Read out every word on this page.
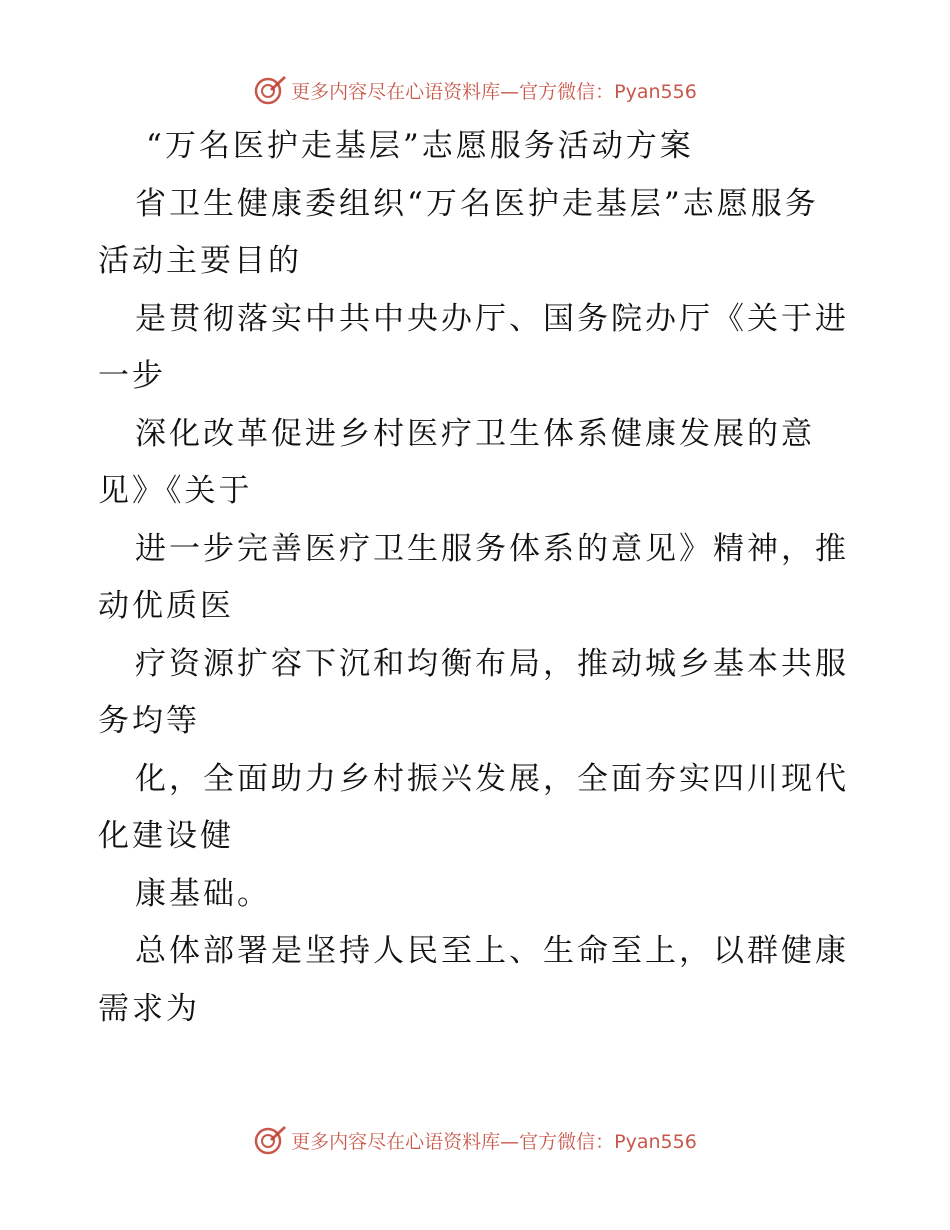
更多内容尽在心语资料库—官方微信：Pyan556
“万名医护走基层”志愿服务活动方案
省卫生健康委组织“万名医护走基层”志愿服务
活动主要目的
是贯彻落实中共中央办厅、国务院办厅《关于进
一步
深化改革促进乡村医疗卫生体系健康发展的意
见》《关于
进一步完善医疗卫生服务体系的意见》精神，推
动优质医
疗资源扩容下沉和均衡布局，推动城乡基本共服
务均等
化，全面助力乡村振兴发展，全面夯实四川现代
化建设健
康基础。
总体部署是坚持人民至上、生命至上，以群健康
需求为
更多内容尽在心语资料库—官方微信：Pyan556
